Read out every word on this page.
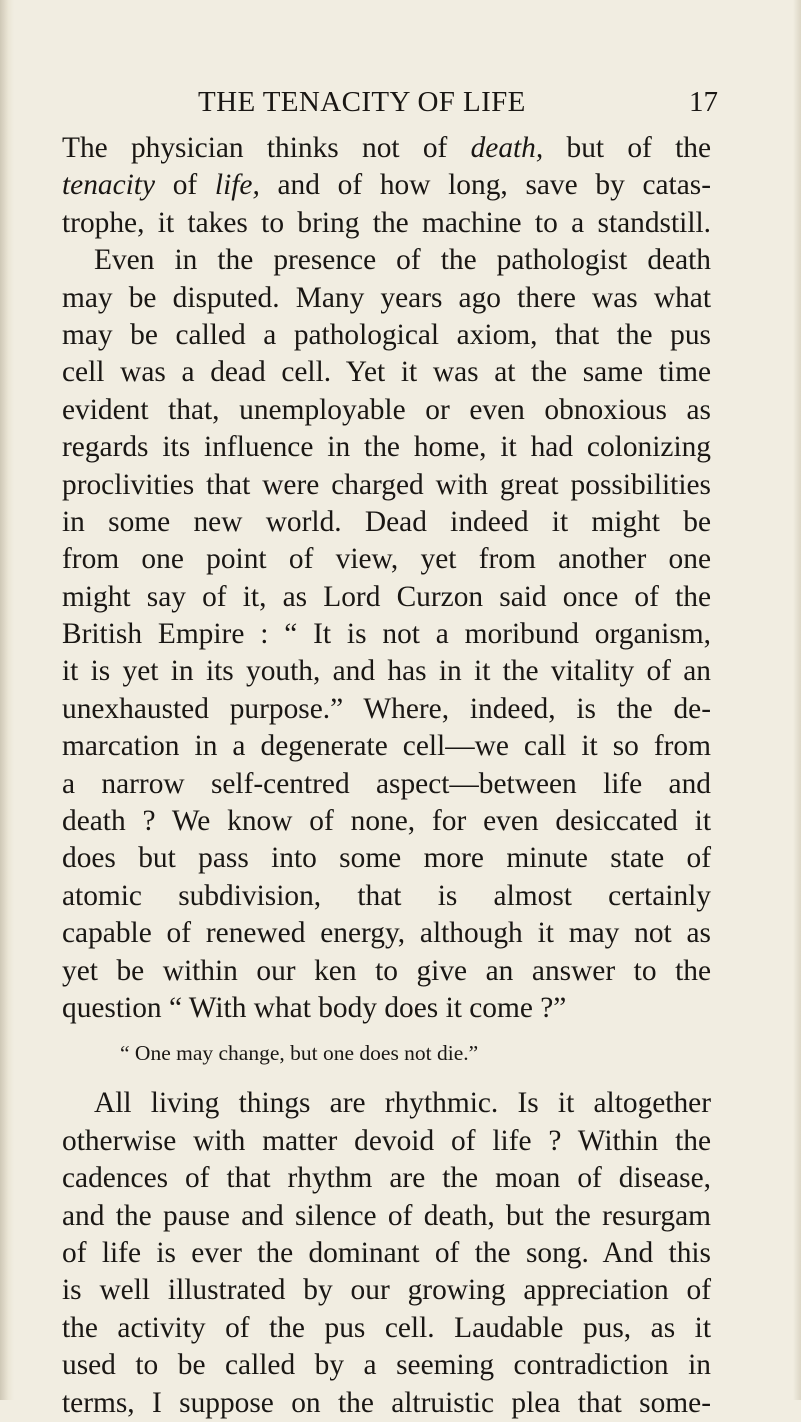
THE TENACITY OF LIFE	17
The physician thinks not of death, but of the
tenacity of life, and of how long, save by catas-
trophe, it takes to bring the machine to a standstill.
Even in the presence of the pathologist death
may be disputed. Many years ago there was what
may be called a pathological axiom, that the pus
cell was a dead cell. Yet it was at the same time
evident that, unemployable or even obnoxious as
regards its influence in the home, it had colonizing
proclivities that were charged with great possibilities
in some new world. Dead indeed it might be
from one point of view, yet from another one
might say of it, as Lord Curzon said once of the
British Empire : “ It is not a moribund organism,
it is yet in its youth, and has in it the vitality of an
unexhausted purpose.” Where, indeed, is the de-
marcation in a degenerate cell—we call it so from
a narrow self-centred aspect—between life and
death ? We know of none, for even desiccated it
does but pass into some more minute state of
atomic subdivision, that is almost certainly
capable of renewed energy, although it may not as
yet be within our ken to give an answer to the
question “ With what body does it come ?”
“ One may change, but one does not die.”
All living things are rhythmic. Is it altogether
otherwise with matter devoid of life ? Within the
cadences of that rhythm are the moan of disease,
and the pause and silence of death, but the resurgam
of life is ever the dominant of the song. And this
is well illustrated by our growing appreciation of
the activity of the pus cell. Laudable pus, as it
used to be called by a seeming contradiction in
terms, I suppose on the altruistic plea that some-
